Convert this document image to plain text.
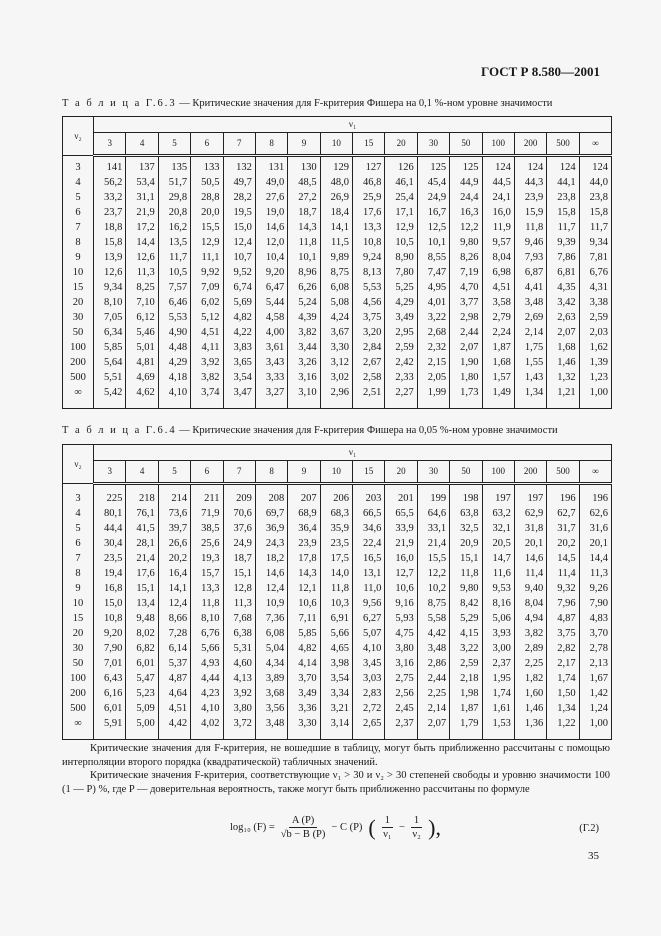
ГОСТ Р 8.580—2001
Т а б л и ц а Г.6.3 — Критические значения для F-критерия Фишера на 0,1 %-ном уровне значимости
ν₂	ν₁															
	3	4	5	6	7	8	9	10	15	20	30	50	100	200	500	∞
3	141	137	135	133	132	131	130	129	127	126	125	125	124	124	124	124
4	56,2	53,4	51,7	50,5	49,7	49,0	48,5	48,0	46,8	46,1	45,4	44,9	44,5	44,3	44,1	44,0
5	33,2	31,1	29,8	28,8	28,2	27,6	27,2	26,9	25,9	25,4	24,9	24,4	24,1	23,9	23,8	23,8
6	23,7	21,9	20,8	20,0	19,5	19,0	18,7	18,4	17,6	17,1	16,7	16,3	16,0	15,9	15,8	15,8
7	18,8	17,2	16,2	15,5	15,0	14,6	14,3	14,1	13,3	12,9	12,5	12,2	11,9	11,8	11,7	11,7
8	15,8	14,4	13,5	12,9	12,4	12,0	11,8	11,5	10,8	10,5	10,1	9,80	9,57	9,46	9,39	9,34
9	13,9	12,6	11,7	11,1	10,7	10,4	10,1	9,89	9,24	8,90	8,55	8,26	8,04	7,93	7,86	7,81
10	12,6	11,3	10,5	9,92	9,52	9,20	8,96	8,75	8,13	7,80	7,47	7,19	6,98	6,87	6,81	6,76
15	9,34	8,25	7,57	7,09	6,74	6,47	6,26	6,08	5,53	5,25	4,95	4,70	4,51	4,41	4,35	4,31
20	8,10	7,10	6,46	6,02	5,69	5,44	5,24	5,08	4,56	4,29	4,01	3,77	3,58	3,48	3,42	3,38
30	7,05	6,12	5,53	5,12	4,82	4,58	4,39	4,24	3,75	3,49	3,22	2,98	2,79	2,69	2,63	2,59
50	6,34	5,46	4,90	4,51	4,22	4,00	3,82	3,67	3,20	2,95	2,68	2,44	2,24	2,14	2,07	2,03
100	5,85	5,01	4,48	4,11	3,83	3,61	3,44	3,30	2,84	2,59	2,32	2,07	1,87	1,75	1,68	1,62
200	5,64	4,81	4,29	3,92	3,65	3,43	3,26	3,12	2,67	2,42	2,15	1,90	1,68	1,55	1,46	1,39
500	5,51	4,69	4,18	3,82	3,54	3,33	3,16	3,02	2,58	2,33	2,05	1,80	1,57	1,43	1,32	1,23
∞	5,42	4,62	4,10	3,74	3,47	3,27	3,10	2,96	2,51	2,27	1,99	1,73	1,49	1,34	1,21	1,00
Т а б л и ц а Г.6.4 — Критические значения для F-критерия Фишера на 0,05 %-ном уровне значимости
ν₂	ν₁															
	3	4	5	6	7	8	9	10	15	20	30	50	100	200	500	∞
3	225	218	214	211	209	208	207	206	203	201	199	198	197	197	196	196
4	80,1	76,1	73,6	71,9	70,6	69,7	68,9	68,3	66,5	65,5	64,6	63,8	63,2	62,9	62,7	62,6
5	44,4	41,5	39,7	38,5	37,6	36,9	36,4	35,9	34,6	33,9	33,1	32,5	32,1	31,8	31,7	31,6
6	30,4	28,1	26,6	25,6	24,9	24,3	23,9	23,5	22,4	21,9	21,4	20,9	20,5	20,1	20,2	20,1
7	23,5	21,4	20,2	19,3	18,7	18,2	17,8	17,5	16,5	16,0	15,5	15,1	14,7	14,6	14,5	14,4
8	19,4	17,6	16,4	15,7	15,1	14,6	14,3	14,0	13,1	12,7	12,2	11,8	11,6	11,4	11,4	11,3
9	16,8	15,1	14,1	13,3	12,8	12,4	12,1	11,8	11,0	10,6	10,2	9,80	9,53	9,40	9,32	9,26
10	15,0	13,4	12,4	11,8	11,3	10,9	10,6	10,3	9,56	9,16	8,75	8,42	8,16	8,04	7,96	7,90
15	10,8	9,48	8,66	8,10	7,68	7,36	7,11	6,91	6,27	5,93	5,58	5,29	5,06	4,94	4,87	4,83
20	9,20	8,02	7,28	6,76	6,38	6,08	5,85	5,66	5,07	4,75	4,42	4,15	3,93	3,82	3,75	3,70
30	7,90	6,82	6,14	5,66	5,31	5,04	4,82	4,65	4,10	3,80	3,48	3,22	3,00	2,89	2,82	2,78
50	7,01	6,01	5,37	4,93	4,60	4,34	4,14	3,98	3,45	3,16	2,86	2,59	2,37	2,25	2,17	2,13
100	6,43	5,47	4,87	4,44	4,13	3,89	3,70	3,54	3,03	2,75	2,44	2,18	1,95	1,82	1,74	1,67
200	6,16	5,23	4,64	4,23	3,92	3,68	3,49	3,34	2,83	2,56	2,25	1,98	1,74	1,60	1,50	1,42
500	6,01	5,09	4,51	4,10	3,80	3,56	3,36	3,21	2,72	2,45	2,14	1,87	1,61	1,46	1,34	1,24
∞	5,91	5,00	4,42	4,02	3,72	3,48	3,30	3,14	2,65	2,37	2,07	1,79	1,53	1,36	1,22	1,00

Критические значения для F-критерия, не вошедшие в таблицу, могут быть приближенно рассчитаны с помощью интерполяции второго порядка (квадратической) табличных значений.

Критические значения F-критерия, соответствующие ν₁ > 30 и ν₂ > 30 степеней свободы и уровню значимости 100 (1 — P) %, где P — доверительная вероятность, также могут быть приближенно рассчитаны по формуле

log₁₀ $(F) = \frac{A (P)}{√b - B (P)} - C$ (P) ( $\frac{1}{\text{ν₁}} - \frac{1}{\text{ν₂}}$ ),	(Г.2)
35
